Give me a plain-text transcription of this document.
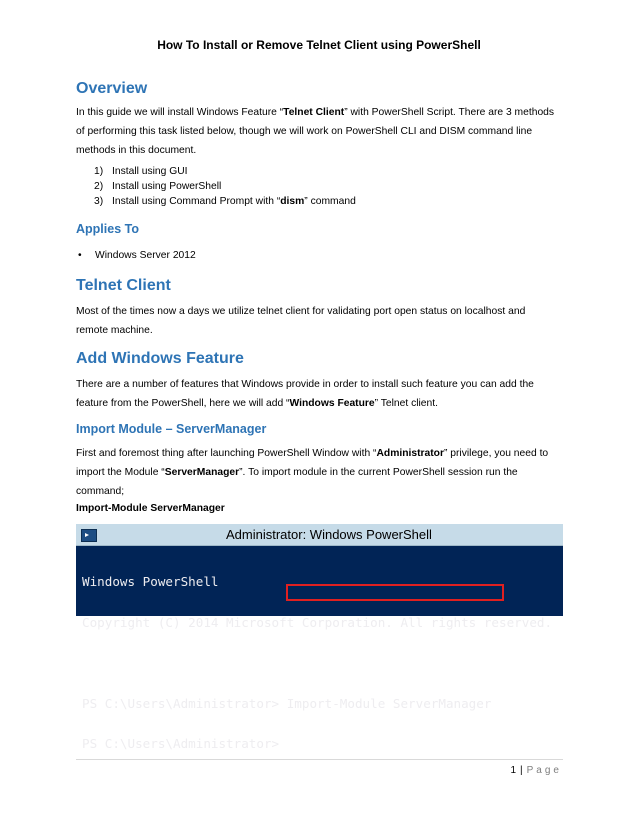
How To Install or Remove Telnet Client using PowerShell
Overview
In this guide we will install Windows Feature “Telnet Client” with PowerShell Script. There are 3 methods
of performing this task listed below, though we will work on PowerShell CLI and DISM command line
methods in this document.
1) Install using GUI
2) Install using PowerShell
3) Install using Command Prompt with “dism” command
Applies To
• Windows Server 2012
Telnet Client
Most of the times now a days we utilize telnet client for validating port open status on localhost and
remote machine.
Add Windows Feature
There are a number of features that Windows provide in order to install such feature you can add the
feature from the PowerShell, here we will add “Windows Feature” Telnet client.
Import Module – ServerManager
First and foremost thing after launching PowerShell Window with “Administrator” privilege, you need to
import the Module “ServerManager”. To import module in the current PowerShell session run the
command;
Import-Module ServerManager
Administrator: Windows PowerShell

Windows PowerShell

Copyright (C) 2014 Microsoft Corporation. All rights reserved.

PS C:\Users\Administrator> Import-Module ServerManager

PS C:\Users\Administrator>

1 | Page
